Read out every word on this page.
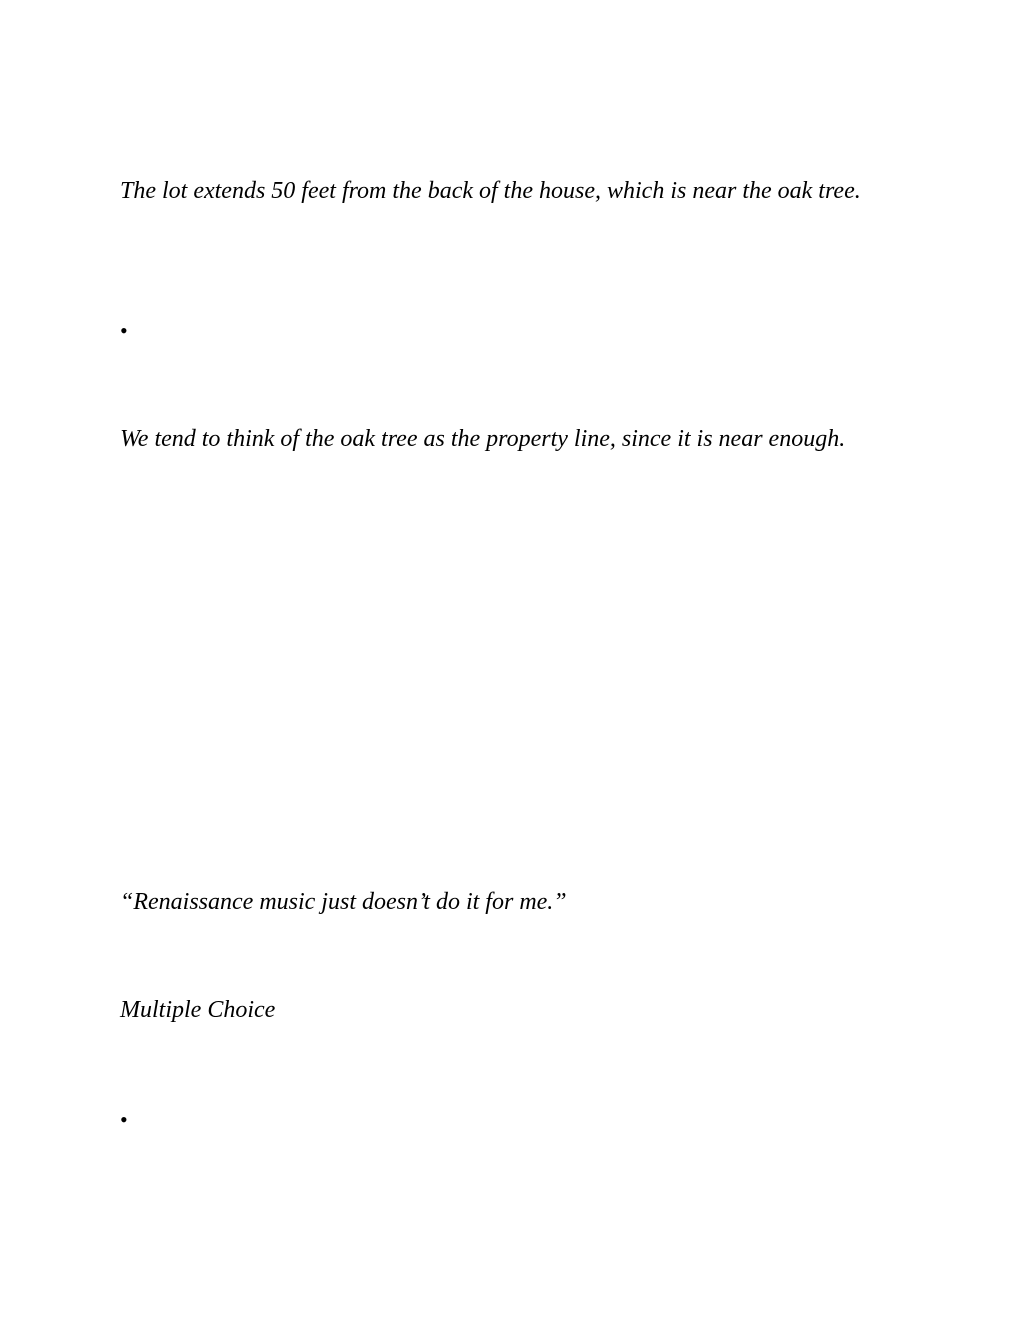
The lot extends 50 feet from the back of the house, which is near the oak tree.

•

We tend to think of the oak tree as the property line, since it is near enough.

“Renaissance music just doesn’t do it for me.”

Multiple Choice

•
